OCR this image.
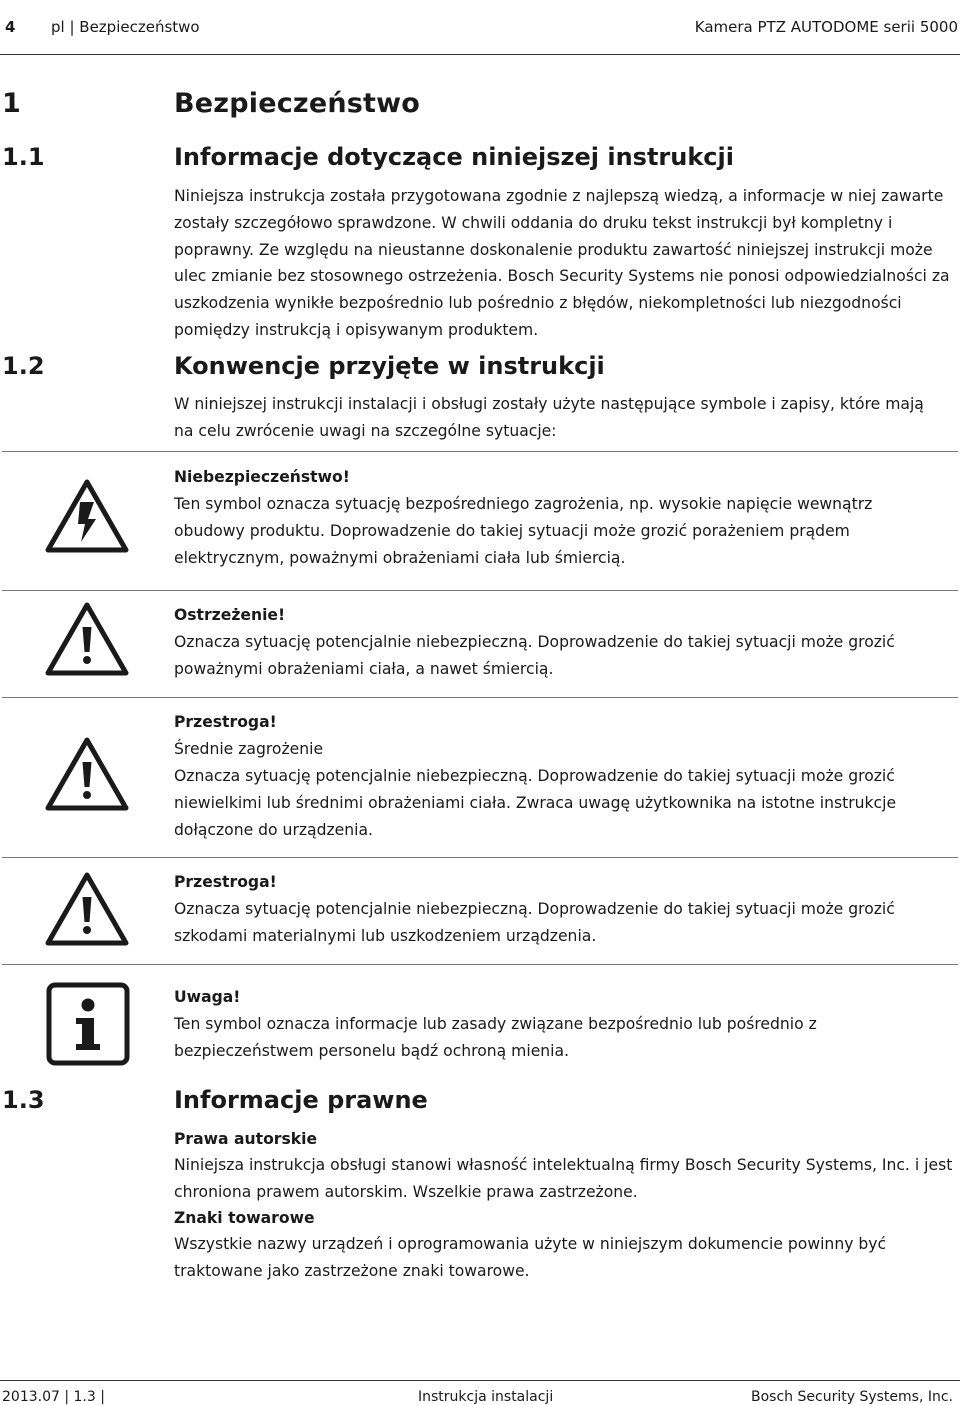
4 pl | Bezpieczeństwo	Kamera PTZ AUTODOME serii 5000
1	Bezpieczeństwo
1.1	Informacje dotyczące niniejszej instrukcji
Niniejsza instrukcja została przygotowana zgodnie z najlepszą wiedzą, a informacje w niej zawarte zostały szczegółowo sprawdzone. W chwili oddania do druku tekst instrukcji był kompletny i poprawny. Ze względu na nieustanne doskonalenie produktu zawartość niniejszej instrukcji może ulec zmianie bez stosownego ostrzeżenia. Bosch Security Systems nie ponosi odpowiedzialności za uszkodzenia wynikłe bezpośrednio lub pośrednio z błędów, niekompletności lub niezgodności pomiędzy instrukcją i opisywanym produktem.
1.2	Konwencje przyjęte w instrukcji
W niniejszej instrukcji instalacji i obsługi zostały użyte następujące symbole i zapisy, które mają na celu zwrócenie uwagi na szczególne sytuacje:
Niebezpieczeństwo!
Ten symbol oznacza sytuację bezpośredniego zagrożenia, np. wysokie napięcie wewnątrz obudowy produktu. Doprowadzenie do takiej sytuacji może grozić porażeniem prądem elektrycznym, poważnymi obrażeniami ciała lub śmiercią.
Ostrzeżenie!
Oznacza sytuację potencjalnie niebezpieczną. Doprowadzenie do takiej sytuacji może grozić poważnymi obrażeniami ciała, a nawet śmiercią.
Przestroga!
Średnie zagrożenie
Oznacza sytuację potencjalnie niebezpieczną. Doprowadzenie do takiej sytuacji może grozić niewielkimi lub średnimi obrażeniami ciała. Zwraca uwagę użytkownika na istotne instrukcje dołączone do urządzenia.
Przestroga!
Oznacza sytuację potencjalnie niebezpieczną. Doprowadzenie do takiej sytuacji może grozić szkodami materialnymi lub uszkodzeniem urządzenia.
Uwaga!
Ten symbol oznacza informacje lub zasady związane bezpośrednio lub pośrednio z bezpieczeństwem personelu bądź ochroną mienia.
1.3	Informacje prawne
Prawa autorskie
Niniejsza instrukcja obsługi stanowi własność intelektualną firmy Bosch Security Systems, Inc. i jest chroniona prawem autorskim. Wszelkie prawa zastrzeżone.
Znaki towarowe
Wszystkie nazwy urządzeń i oprogramowania użyte w niniejszym dokumencie powinny być traktowane jako zastrzeżone znaki towarowe.
2013.07 | 1.3 |	Instrukcja instalacji	Bosch Security Systems, Inc.
